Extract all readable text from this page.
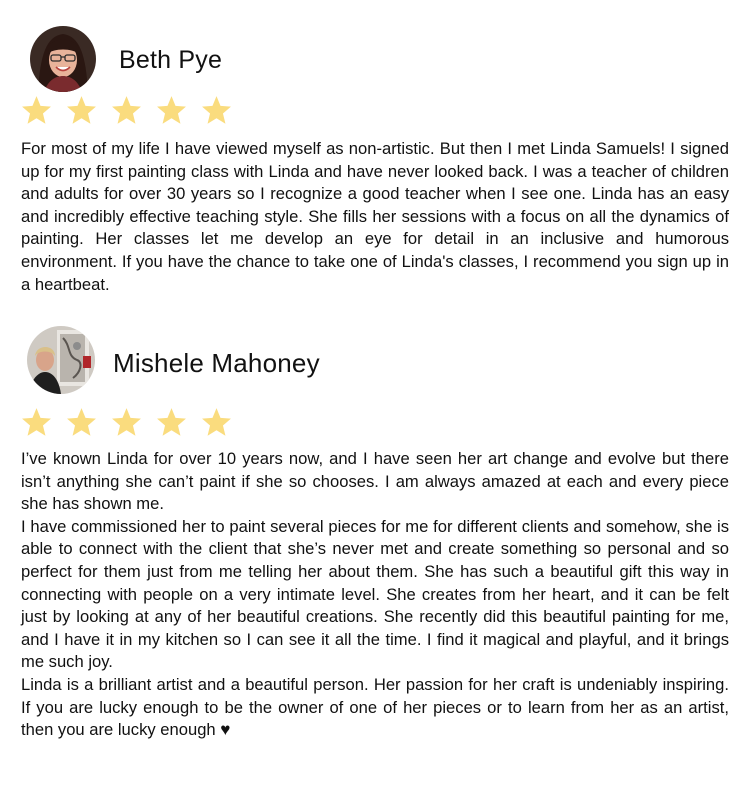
Beth Pye

For most of my life I have viewed myself as non-artistic. But then I met Linda Samuels! I signed up for my first painting class with Linda and have never looked back. I was a teacher of children and adults for over 30 years so I recognize a good teacher when I see one. Linda has an easy and incredibly effective teaching style. She fills her sessions with a focus on all the dynamics of painting. Her classes let me develop an eye for detail in an inclusive and humorous environment. If you have the chance to take one of Linda's classes, I recommend you sign up in a heartbeat.

Mishele Mahoney

I’ve known Linda for over 10 years now, and I have seen her art change and evolve but there isn’t anything she can’t paint if she so chooses. I am always amazed at each and every piece she has shown me.

I have commissioned her to paint several pieces for me for different clients and somehow, she is able to connect with the client that she’s never met and create something so personal and so perfect for them just from me telling her about them. She has such a beautiful gift this way in connecting with people on a very intimate level. She creates from her heart, and it can be felt just by looking at any of her beautiful creations. She recently did this beautiful painting for me, and I have it in my kitchen so I can see it all the time. I find it magical and playful, and it brings me such joy.

Linda is a brilliant artist and a beautiful person. Her passion for her craft is undeniably inspiring. If you are lucky enough to be the owner of one of her pieces or to learn from her as an artist, then you are lucky enough ♥
